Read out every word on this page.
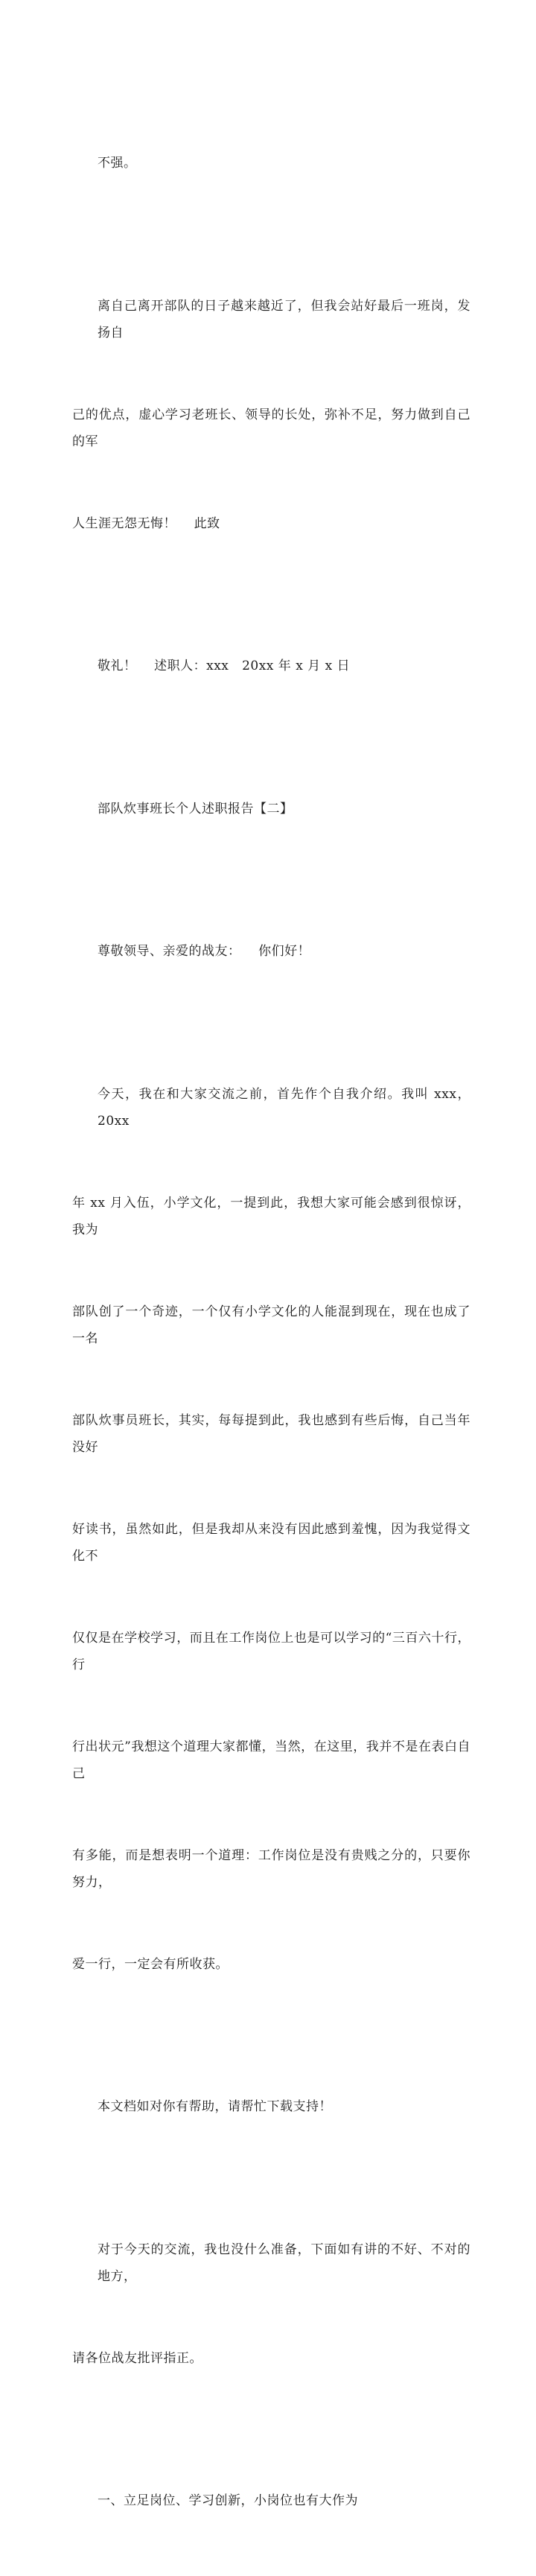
不强。

离自己离开部队的日子越来越近了，但我会站好最后一班岗，发扬自

己的优点，虚心学习老班长、领导的长处，弥补不足，努力做到自己的军

人生涯无怨无悔！    此致

敬礼！    述职人：xxx   20xx 年 x 月 x 日

部队炊事班长个人述职报告【二】

尊敬领导、亲爱的战友：    你们好！

今天，我在和大家交流之前，首先作个自我介绍。我叫 xxx，20xx

年 xx 月入伍，小学文化，一提到此，我想大家可能会感到很惊讶，我为

部队创了一个奇迹，一个仅有小学文化的人能混到现在，现在也成了一名

部队炊事员班长，其实，每每提到此，我也感到有些后悔，自己当年没好

好读书，虽然如此，但是我却从来没有因此感到羞愧，因为我觉得文化不

仅仅是在学校学习，而且在工作岗位上也是可以学习的“三百六十行，行

行出状元”我想这个道理大家都懂，当然，在这里，我并不是在表白自己

有多能，而是想表明一个道理：工作岗位是没有贵贱之分的，只要你努力，

爱一行，一定会有所收获。

本文档如对你有帮助，请帮忙下载支持！

对于今天的交流，我也没什么准备，下面如有讲的不好、不对的地方，

请各位战友批评指正。

一、立足岗位、学习创新，小岗位也有大作为
